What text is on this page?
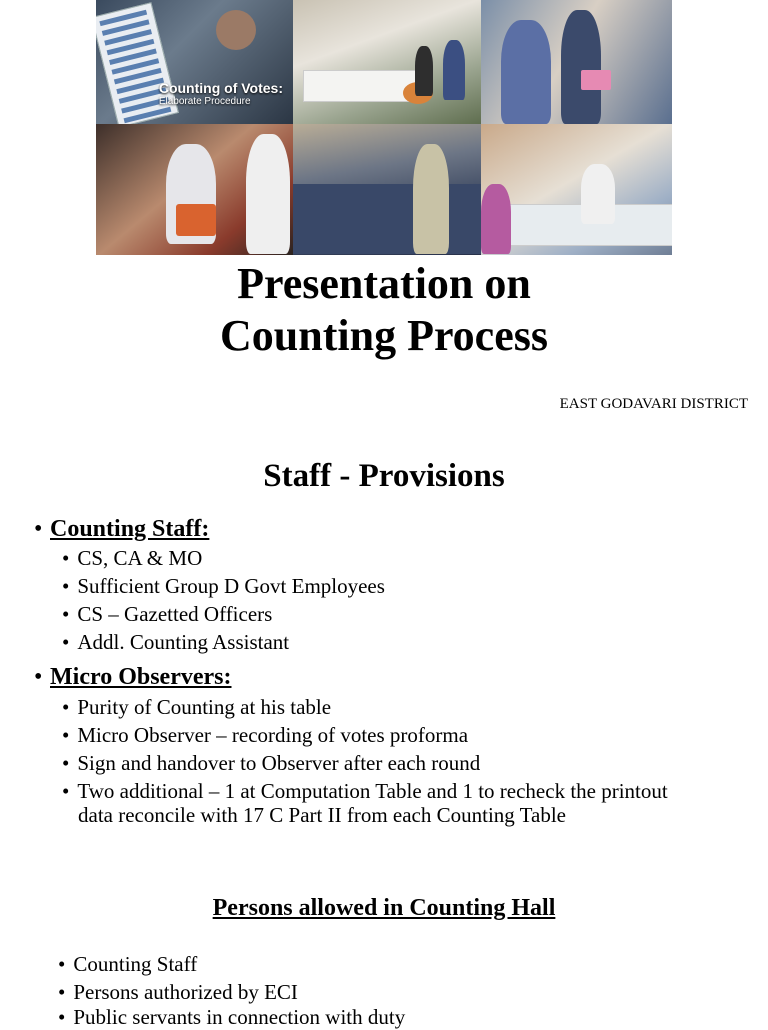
Counting of Votes:
Elaborate Procedure
Presentation on
Counting Process
EAST GODAVARI DISTRICT
Staff - Provisions
• Counting Staff:
• CS, CA & MO
• Sufficient Group D Govt Employees
• CS – Gazetted Officers
• Addl. Counting Assistant
• Micro Observers:
• Purity of Counting at his table
• Micro Observer – recording of votes proforma
• Sign and handover to Observer after each round
• Two additional – 1 at Computation Table and 1 to recheck the printout
data reconcile with 17 C Part II from each Counting Table
Persons allowed in Counting Hall
• Counting Staff
• Persons authorized by ECI
• Public servants in connection with duty
